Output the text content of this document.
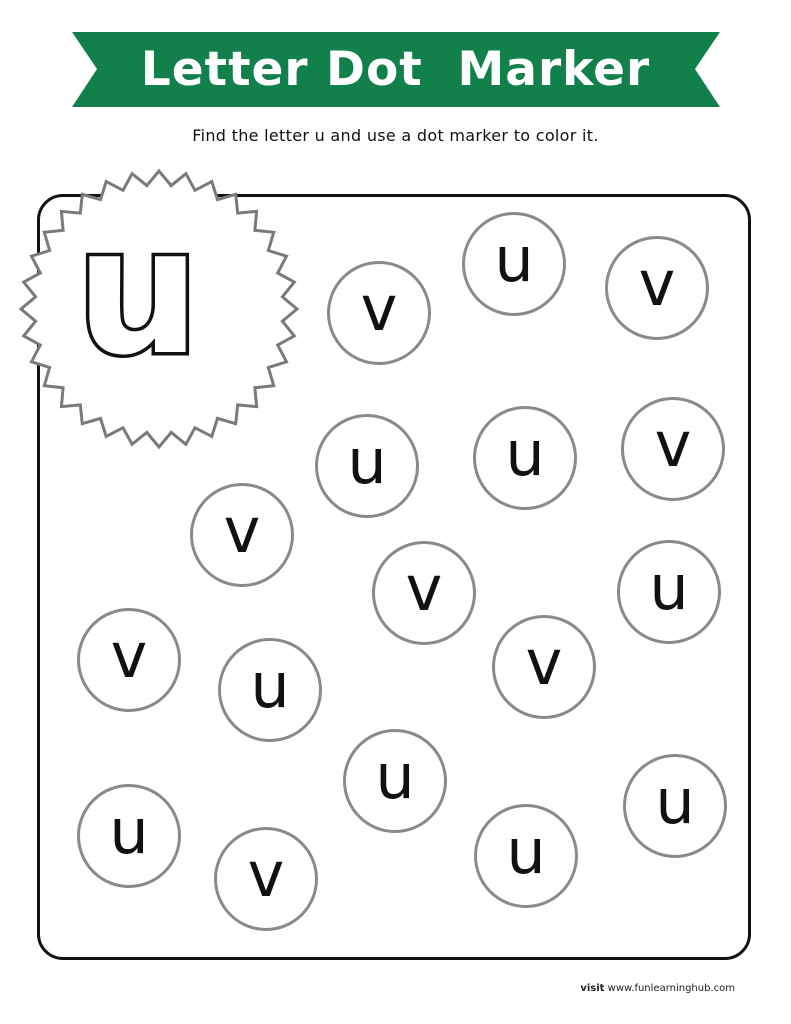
Letter Dot  Marker
Find the letter u and use a dot marker to color it.
u	v
u	v
u	u	v
v
v	u
v	u	v
u
u	u
v	u
visit www.funlearninghub.com
